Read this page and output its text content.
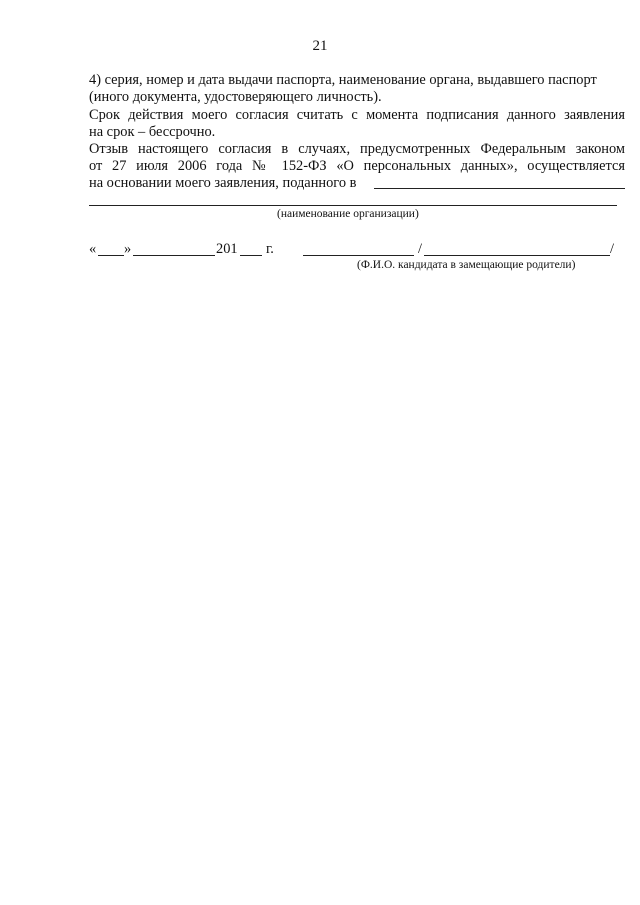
21
4) серия, номер и дата выдачи паспорта, наименование органа, выдавшего паспорт
(иного документа, удостоверяющего личность).
Срок действия моего согласия считать с момента подписания данного заявления
на срок – бессрочно.
Отзыв настоящего согласия в случаях, предусмотренных Федеральным законом
от 27 июля 2006 года № 152-ФЗ «О персональных данных», осуществляется
на основании моего заявления, поданного в
(наименование организации)
« »	201 г.	/	/
(Ф.И.О. кандидата в замещающие родители)
